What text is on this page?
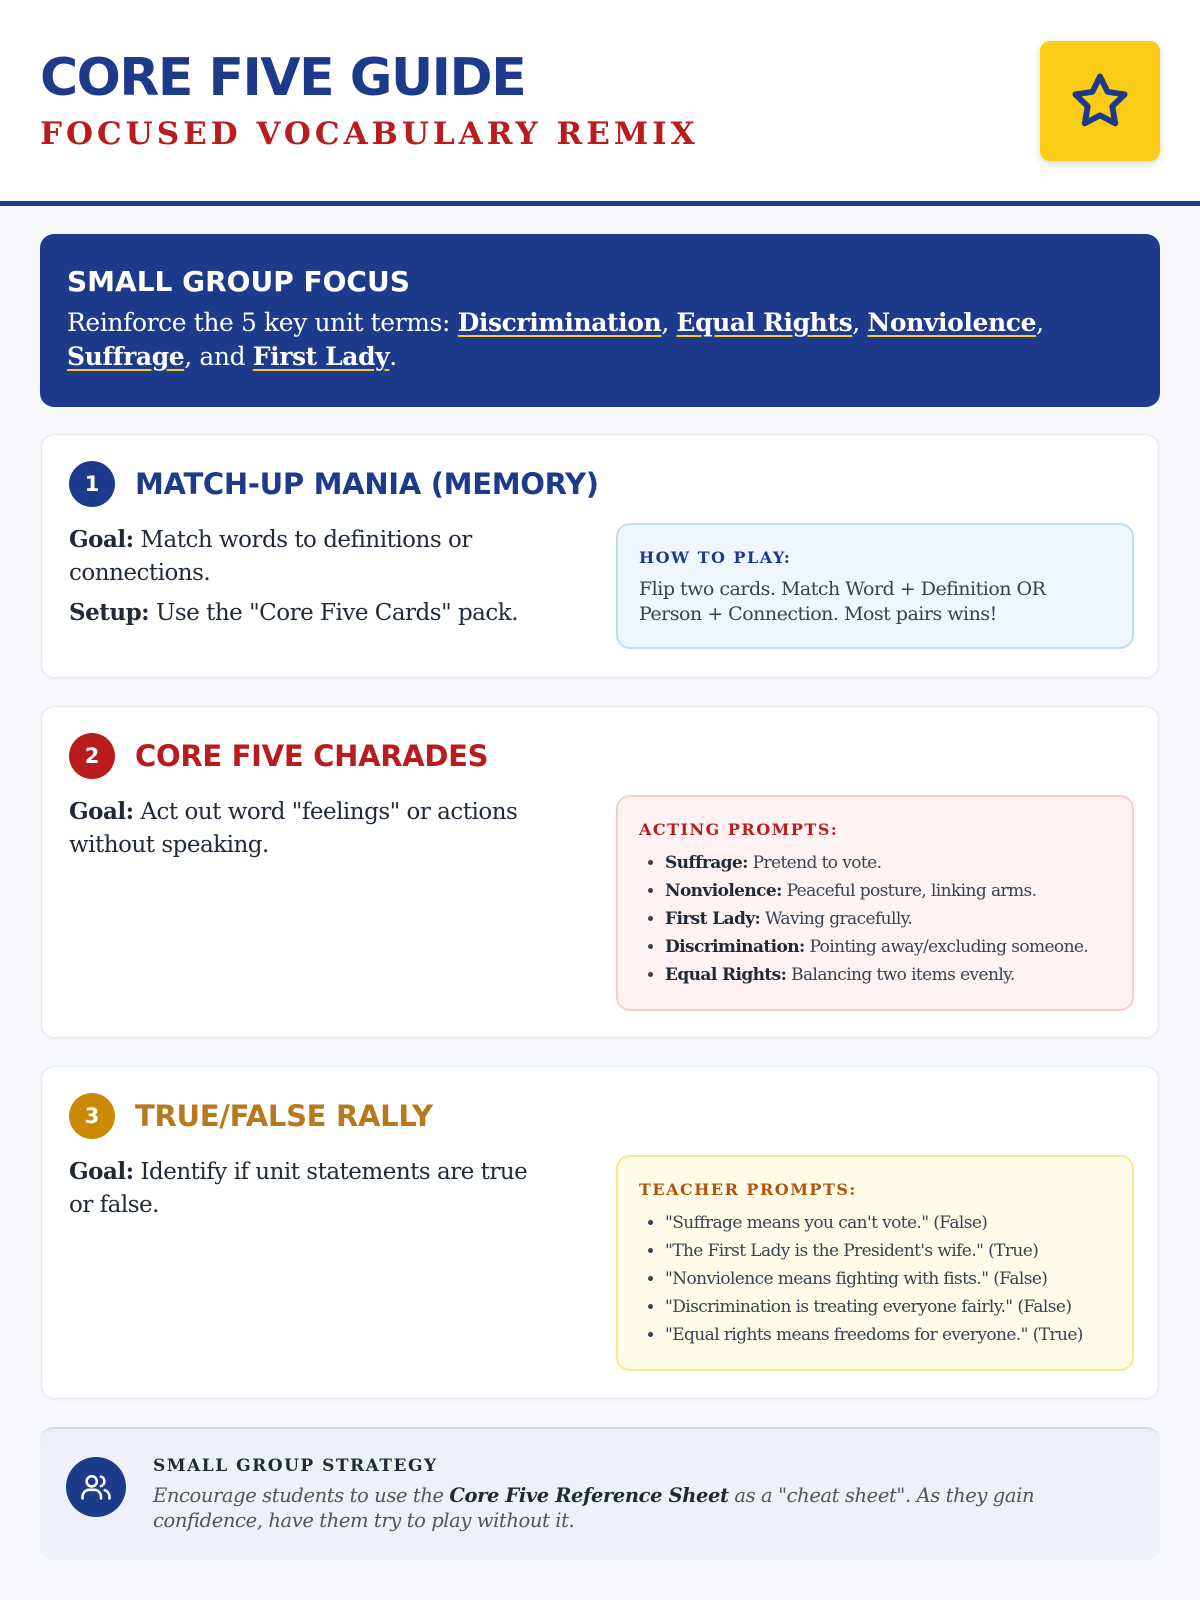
CORE FIVE GUIDE
FOCUSED VOCABULARY REMIX
SMALL GROUP FOCUS
Reinforce the 5 key unit terms: Discrimination, Equal Rights, Nonviolence, Suffrage, and First Lady.
1	MATCH-UP MANIA (MEMORY)

Goal: Match words to definitions or connections.

Setup: Use the "Core Five Cards" pack.

HOW TO PLAY:
Flip two cards. Match Word + Definition OR Person + Connection. Most pairs wins!
2	CORE FIVE CHARADES

Goal: Act out word "feelings" or actions without speaking.

ACTING PROMPTS:
• Suffrage: Pretend to vote.
• Nonviolence: Peaceful posture, linking arms.
• First Lady: Waving gracefully.
• Discrimination: Pointing away/excluding someone.
• Equal Rights: Balancing two items evenly.
3	TRUE/FALSE RALLY

Goal: Identify if unit statements are true or false.

TEACHER PROMPTS:
• "Suffrage means you can't vote." (False)
• "The First Lady is the President's wife." (True)
• "Nonviolence means fighting with fists." (False)
• "Discrimination is treating everyone fairly." (False)
• "Equal rights means freedoms for everyone." (True)
SMALL GROUP STRATEGY
Encourage students to use the Core Five Reference Sheet as a "cheat sheet". As they gain confidence, have them try to play without it.
